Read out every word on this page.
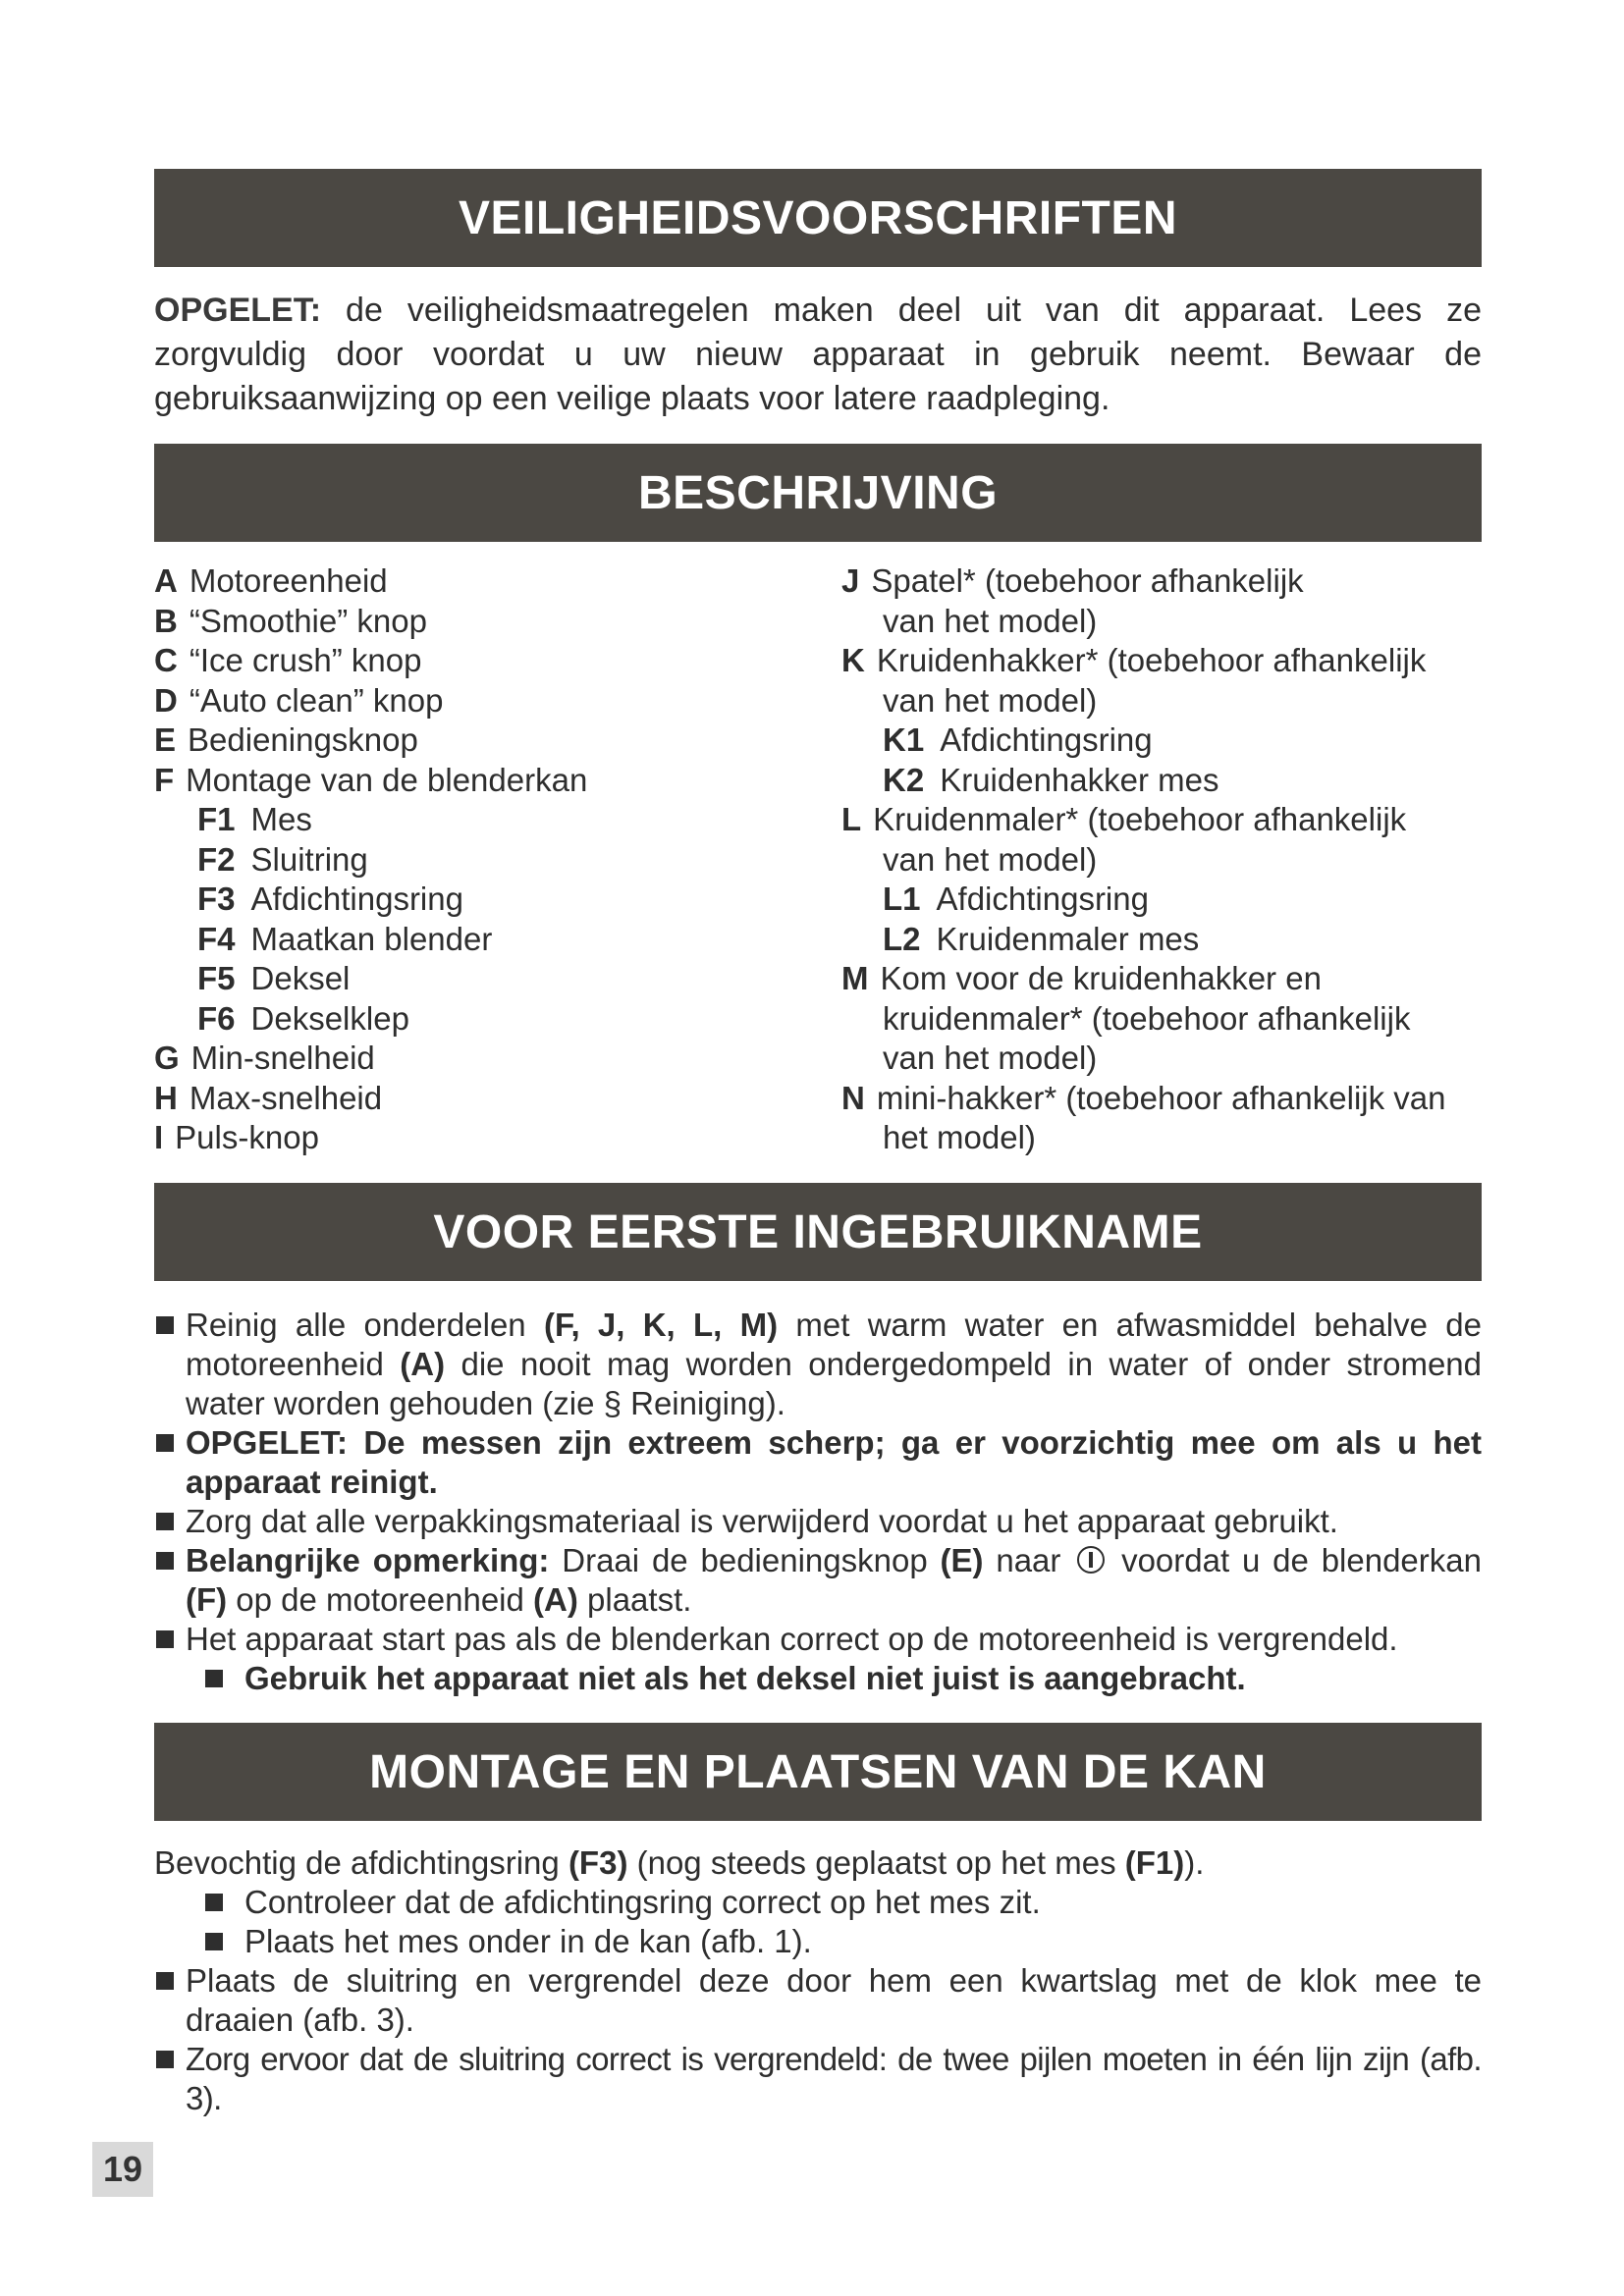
VEILIGHEIDSVOORSCHRIFTEN
OPGELET: de veiligheidsmaatregelen maken deel uit van dit apparaat. Lees ze zorgvuldig door voordat u uw nieuw apparaat in gebruik neemt. Bewaar de gebruiksaanwijzing op een veilige plaats voor latere raadpleging.
BESCHRIJVING
A Motoreenheid
B “Smoothie” knop
C “Ice crush” knop
D “Auto clean” knop
E Bedieningsknop
F Montage van de blenderkan
F1 Mes
F2 Sluitring
F3 Afdichtingsring
F4 Maatkan blender
F5 Deksel
F6 Dekselklep
G Min-snelheid
H Max-snelheid
I Puls-knop
J Spatel* (toebehoor afhankelijk
van het model)
K Kruidenhakker* (toebehoor afhankelijk
van het model)
K1 Afdichtingsring
K2 Kruidenhakker mes
L Kruidenmaler* (toebehoor afhankelijk
van het model)
L1 Afdichtingsring
L2 Kruidenmaler mes
M Kom voor de kruidenhakker en
kruidenmaler* (toebehoor afhankelijk
van het model)
N mini-hakker* (toebehoor afhankelijk van
het model)
VOOR EERSTE INGEBRUIKNAME
Reinig alle onderdelen (F, J, K, L, M) met warm water en afwasmiddel behalve de motoreenheid (A) die nooit mag worden ondergedompeld in water of onder stromend water worden gehouden (zie § Reiniging).
OPGELET: De messen zijn extreem scherp; ga er voorzichtig mee om als u het apparaat reinigt.
Zorg dat alle verpakkingsmateriaal is verwijderd voordat u het apparaat gebruikt.
Belangrijke opmerking: Draai de bedieningsknop (E) naar  voordat u de blenderkan (F) op de motoreenheid (A) plaatst.
Het apparaat start pas als de blenderkan correct op de motoreenheid is vergrendeld.
Gebruik het apparaat niet als het deksel niet juist is aangebracht.
MONTAGE EN PLAATSEN VAN DE KAN
Bevochtig de afdichtingsring (F3) (nog steeds geplaatst op het mes (F1)).
Controleer dat de afdichtingsring correct op het mes zit.
Plaats het mes onder in de kan (afb. 1).
Plaats de sluitring en vergrendel deze door hem een kwartslag met de klok mee te draaien (afb. 3).
Zorg ervoor dat de sluitring correct is vergrendeld: de twee pijlen moeten in één lijn zijn (afb. 3).
19
